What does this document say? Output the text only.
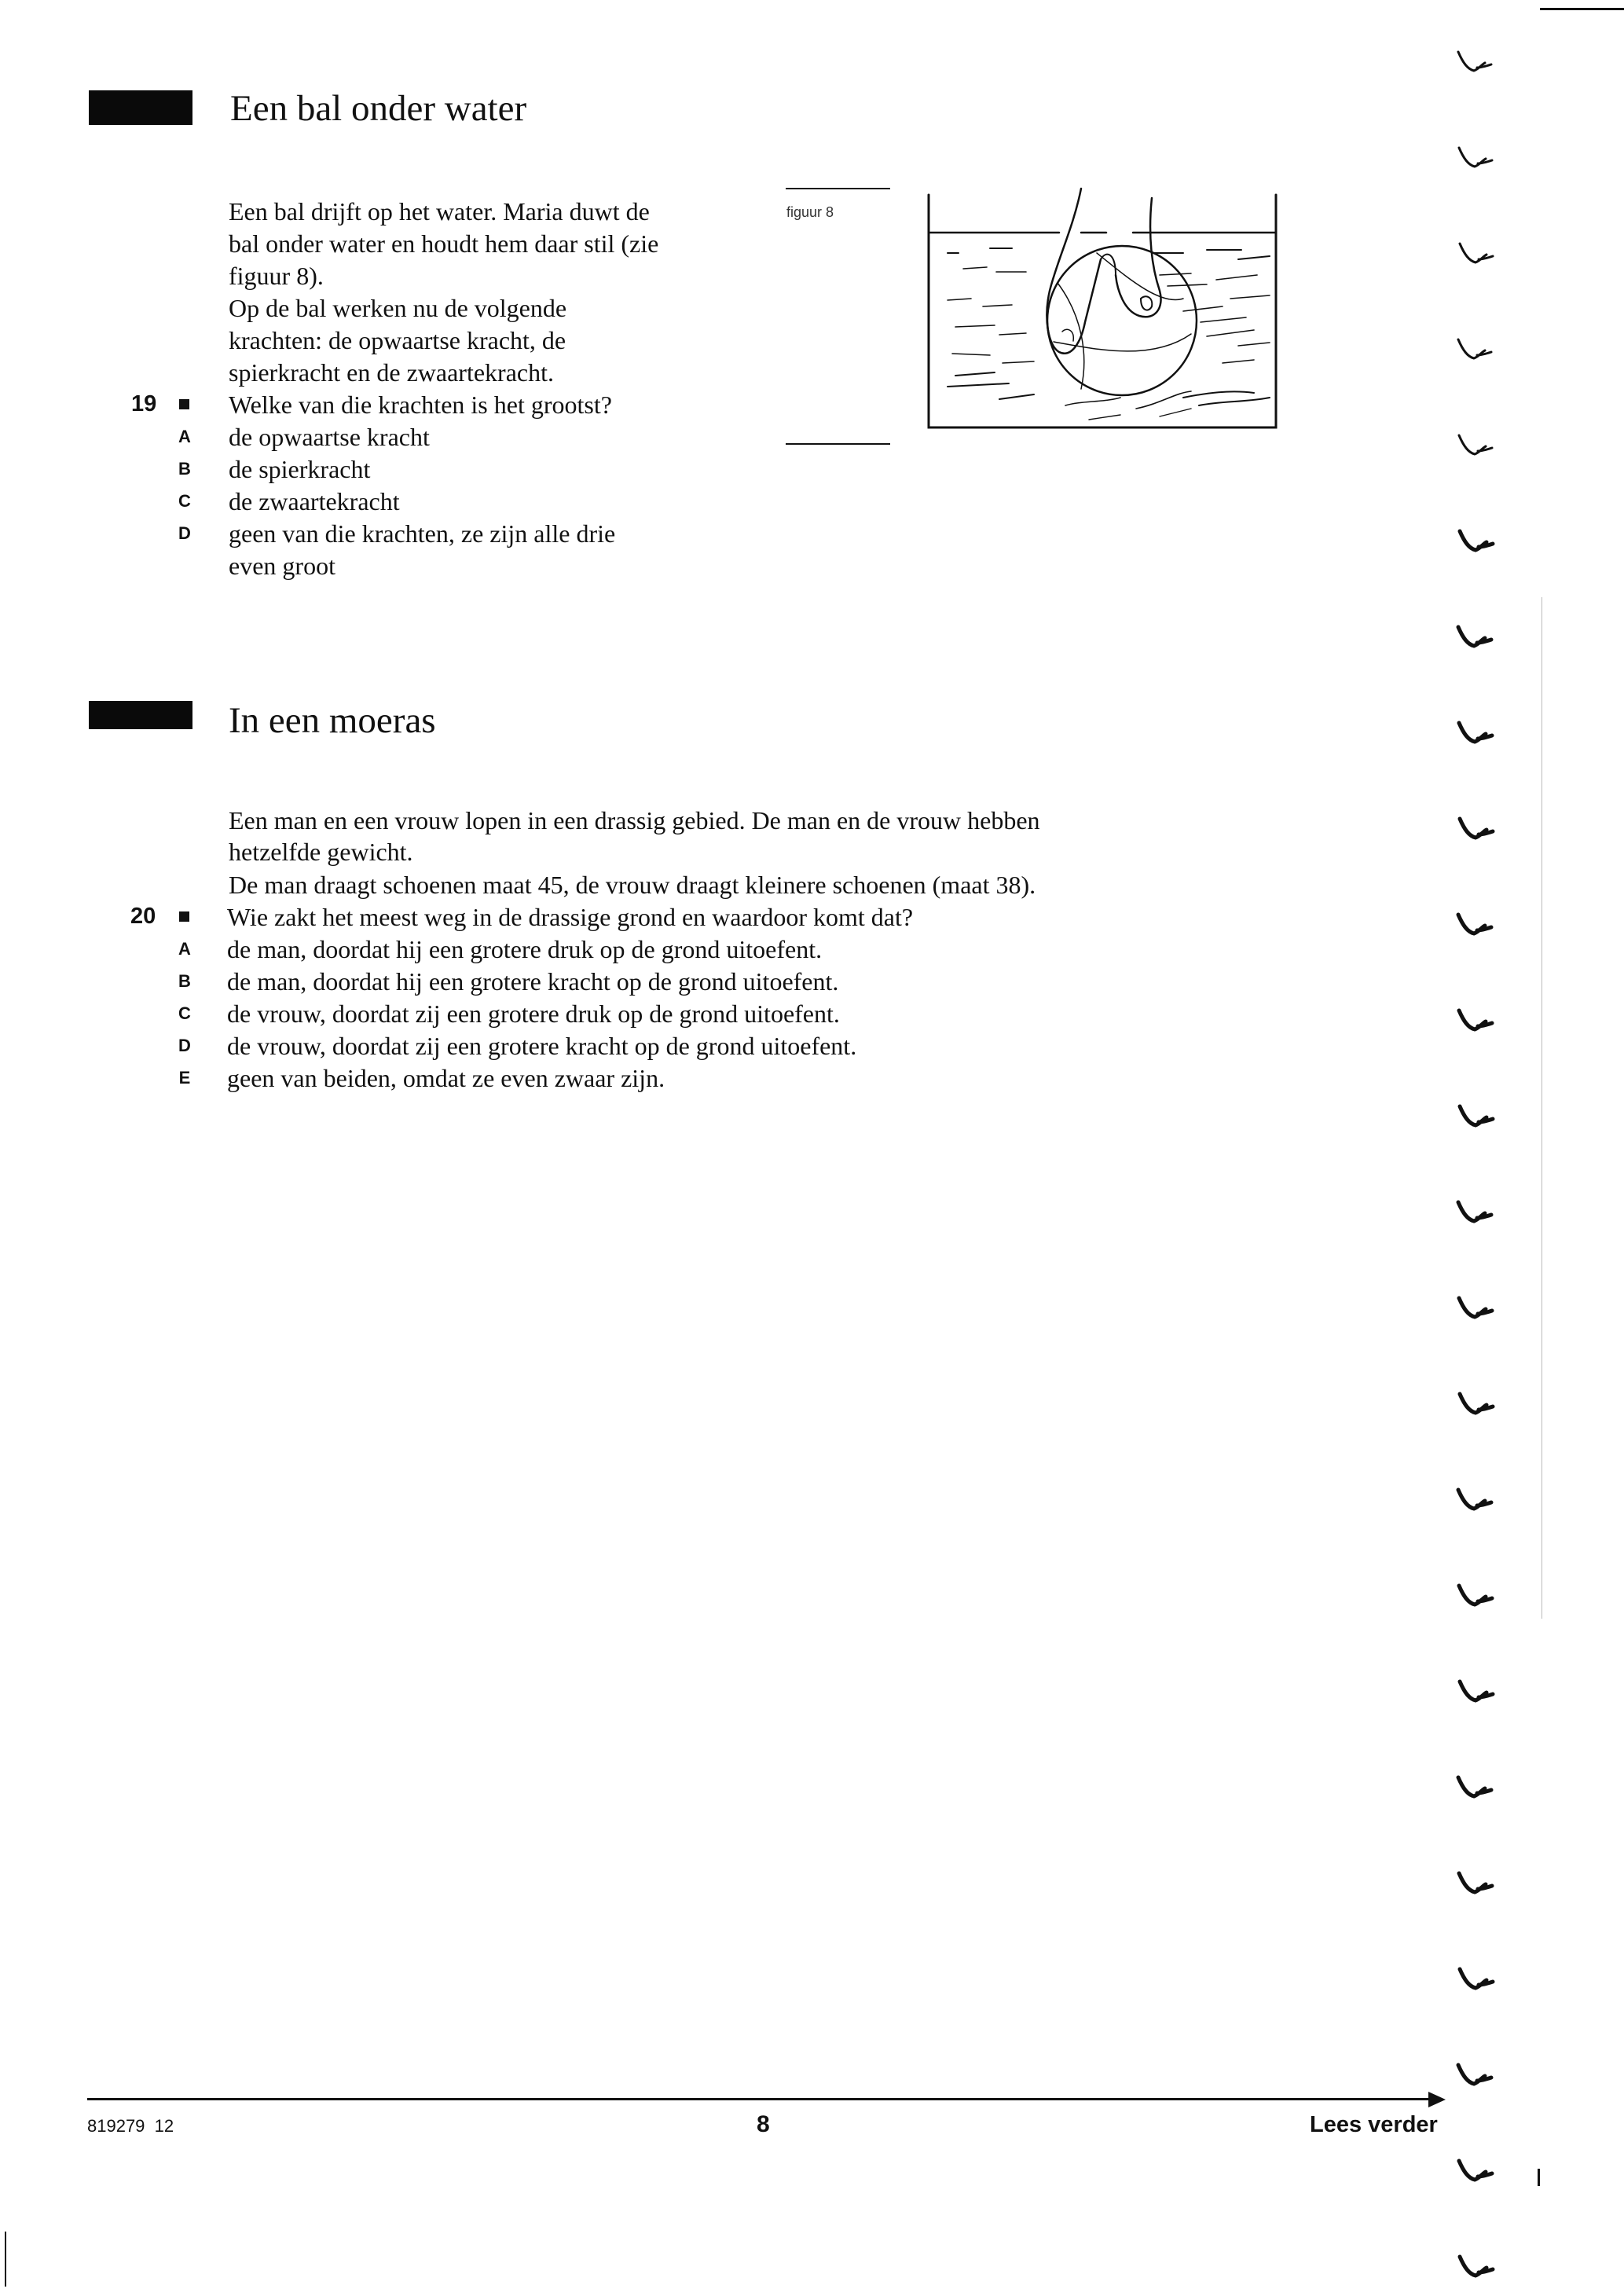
Een bal onder water
Een bal drijft op het water. Maria duwt de
bal onder water en houdt hem daar stil (zie
figuur 8).
Op de bal werken nu de volgende
krachten: de opwaartse kracht, de
spierkracht en de zwaartekracht.
19	Welke van die krachten is het grootst?
A de opwaartse kracht
B de spierkracht
C de zwaartekracht
D geen van die krachten, ze zijn alle drie
even groot
figuur 8
In een moeras
Een man en een vrouw lopen in een drassig gebied. De man en de vrouw hebben
hetzelfde gewicht.
De man draagt schoenen maat 45, de vrouw draagt kleinere schoenen (maat 38).
20	Wie zakt het meest weg in de drassige grond en waardoor komt dat?
A de man, doordat hij een grotere druk op de grond uitoefent.
B de man, doordat hij een grotere kracht op de grond uitoefent.
C de vrouw, doordat zij een grotere druk op de grond uitoefent.
D de vrouw, doordat zij een grotere kracht op de grond uitoefent.
E geen van beiden, omdat ze even zwaar zijn.
819279  12	8	Lees verder
